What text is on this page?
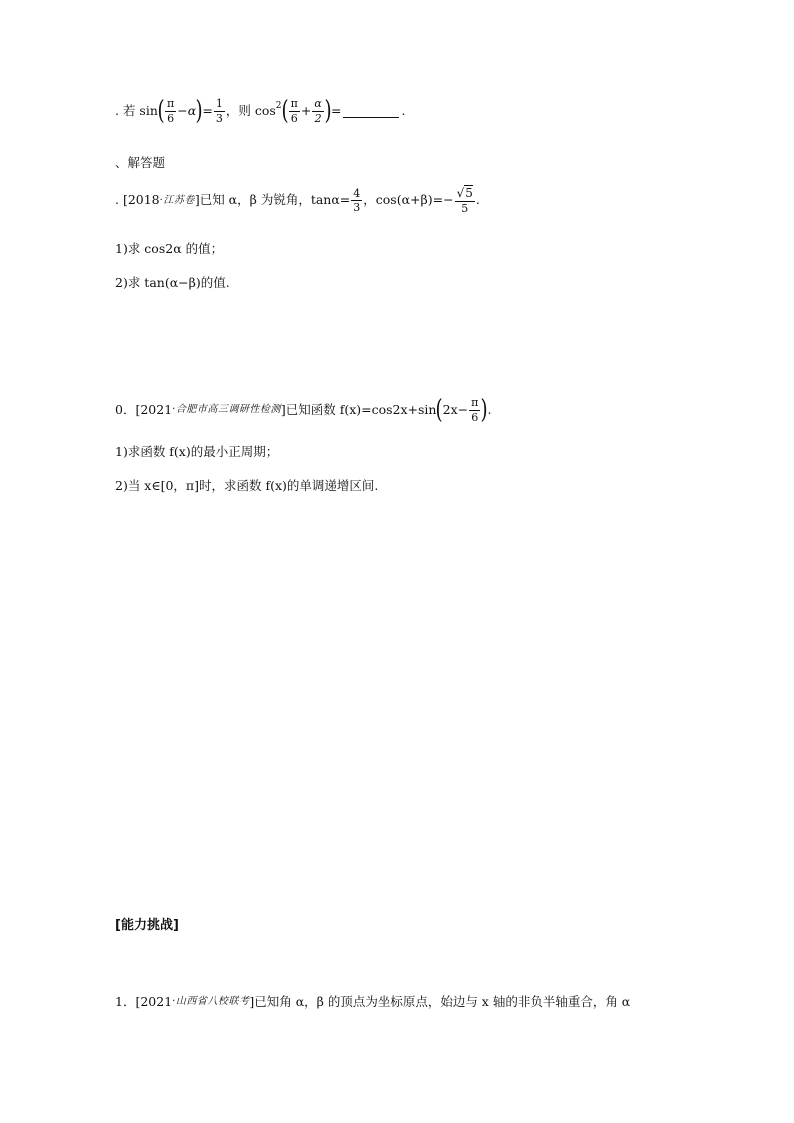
. 若 sin ( $\frac{\pi}{6} -\alpha$ ) = $\frac{1}{3}$ ，则 $\cos^2$ ( $\frac{\pi}{6} + \frac{\alpha}{2}$ ) =	.
、解答题
. [2018 ·江苏卷 ]已知 α，β 为锐角，$\tan\alpha= \frac{4}{3}$ ，$\cos(\alpha+\beta)=- \frac{√5}{5}$ .
1)求 cos2α 的值；
2)求 tan(α−β)的值.
0．[2021 ·合肥市高三调研性检测 ]已知函数 f(x)=cos2x+sin ( $2x- \frac{\pi}{6}$ ) .
1)求函数 f(x)的最小正周期；
2)当 x∈[0，π]时，求函数 f(x)的单调递增区间.
[能力挑战]
1．[2021 ·山西省八校联考 ]已知角 α，β 的顶点为坐标原点，始边与 x 轴的非负半轴重合，角 α
